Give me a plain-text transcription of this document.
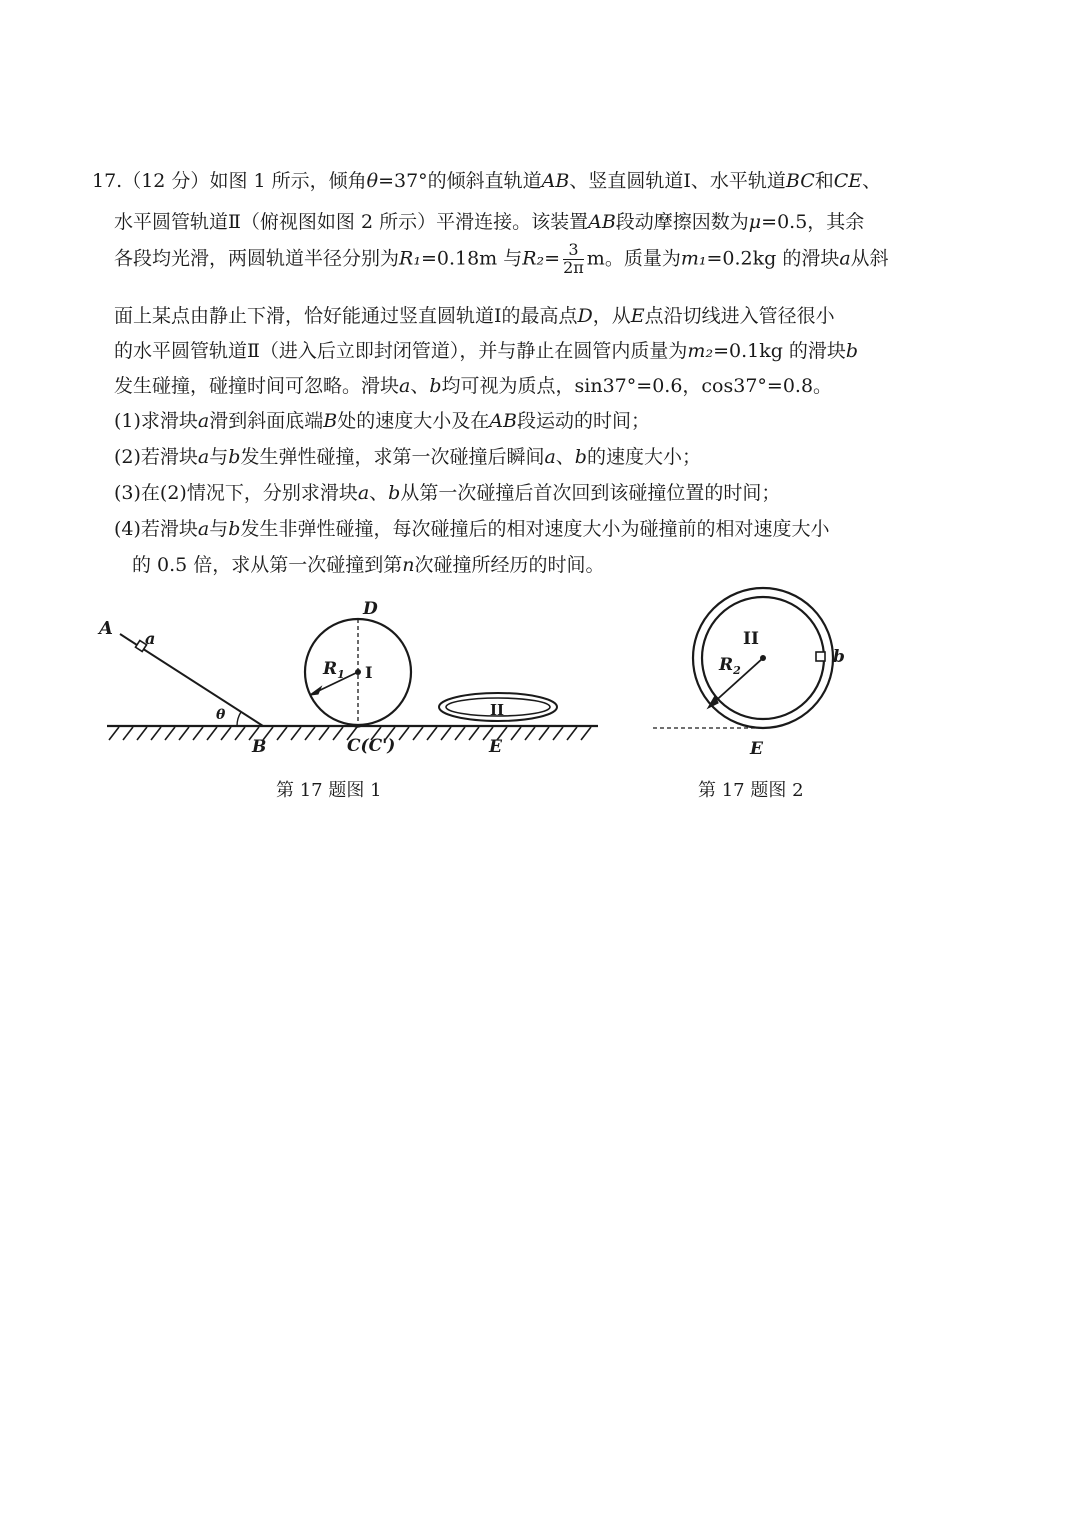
17.（12 分）如图 1 所示，倾角θ=37°的倾斜直轨道AB、竖直圆轨道Ⅰ、水平轨道BC和CE、
水平圆管轨道Ⅱ（俯视图如图 2 所示）平滑连接。该装置AB段动摩擦因数为μ=0.5，其余
各段均光滑，两圆轨道半径分别为R₁=0.18m 与$R_2= \frac{3}{2\pi}$ m。质量为m₁=0.2kg 的滑块a从斜
面上某点由静止下滑，恰好能通过竖直圆轨道Ⅰ的最高点D，从E点沿切线进入管径很小
的水平圆管轨道Ⅱ（进入后立即封闭管道），并与静止在圆管内质量为m₂=0.1kg 的滑块b
发生碰撞，碰撞时间可忽略。滑块a、b均可视为质点，sin37°=0.6，cos37°=0.8。
(1)求滑块a滑到斜面底端B处的速度大小及在AB段运动的时间；
(2)若滑块a与b发生弹性碰撞，求第一次碰撞后瞬间a、b的速度大小；
(3)在(2)情况下，分别求滑块a、b从第一次碰撞后首次回到该碰撞位置的时间；
(4)若滑块a与b发生非弹性碰撞，每次碰撞后的相对速度大小为碰撞前的相对速度大小
的 0.5 倍，求从第一次碰撞到第n次碰撞所经历的时间。
A a
θ
B
D
$R_1$ I
C(C')
II
E
第 17 题图 1
II
$R_2$
b
E
第 17 题图 2
